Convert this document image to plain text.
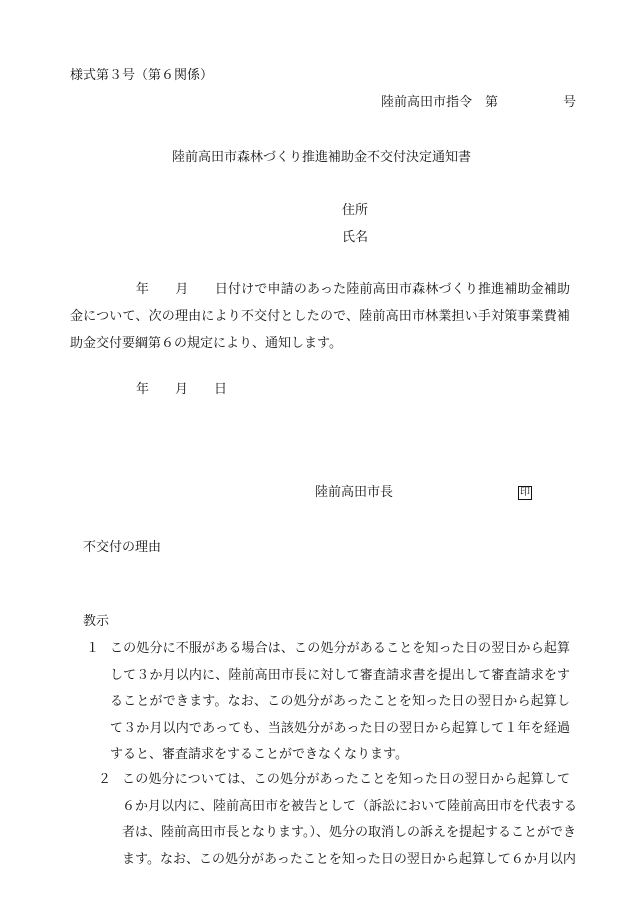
様式第３号（第６関係）
陸前高田市指令　第　　　　　号
陸前高田市森林づくり推進補助金不交付決定通知書
住所
氏名
　　　　　年　　月　　日付けで申請のあった陸前高田市森林づくり推進補助金補助
金について、次の理由により不交付としたので、陸前高田市林業担い手対策事業費補
助金交付要綱第６の規定により、通知します。
年　　月　　日
陸前高田市長	印
不交付の理由
教示
１ この処分に不服がある場合は、この処分があることを知った日の翌日から起算
して３か月以内に、陸前高田市長に対して審査請求書を提出して審査請求をす
ることができます。なお、この処分があったことを知った日の翌日から起算し
て３か月以内であっても、当該処分があった日の翌日から起算して１年を経過
すると、審査請求をすることができなくなります。
２ この処分については、この処分があったことを知った日の翌日から起算して
６か月以内に、陸前高田市を被告として（訴訟において陸前高田市を代表する
者は、陸前高田市長となります。）、処分の取消しの訴えを提起することができ
ます。なお、この処分があったことを知った日の翌日から起算して６か月以内
